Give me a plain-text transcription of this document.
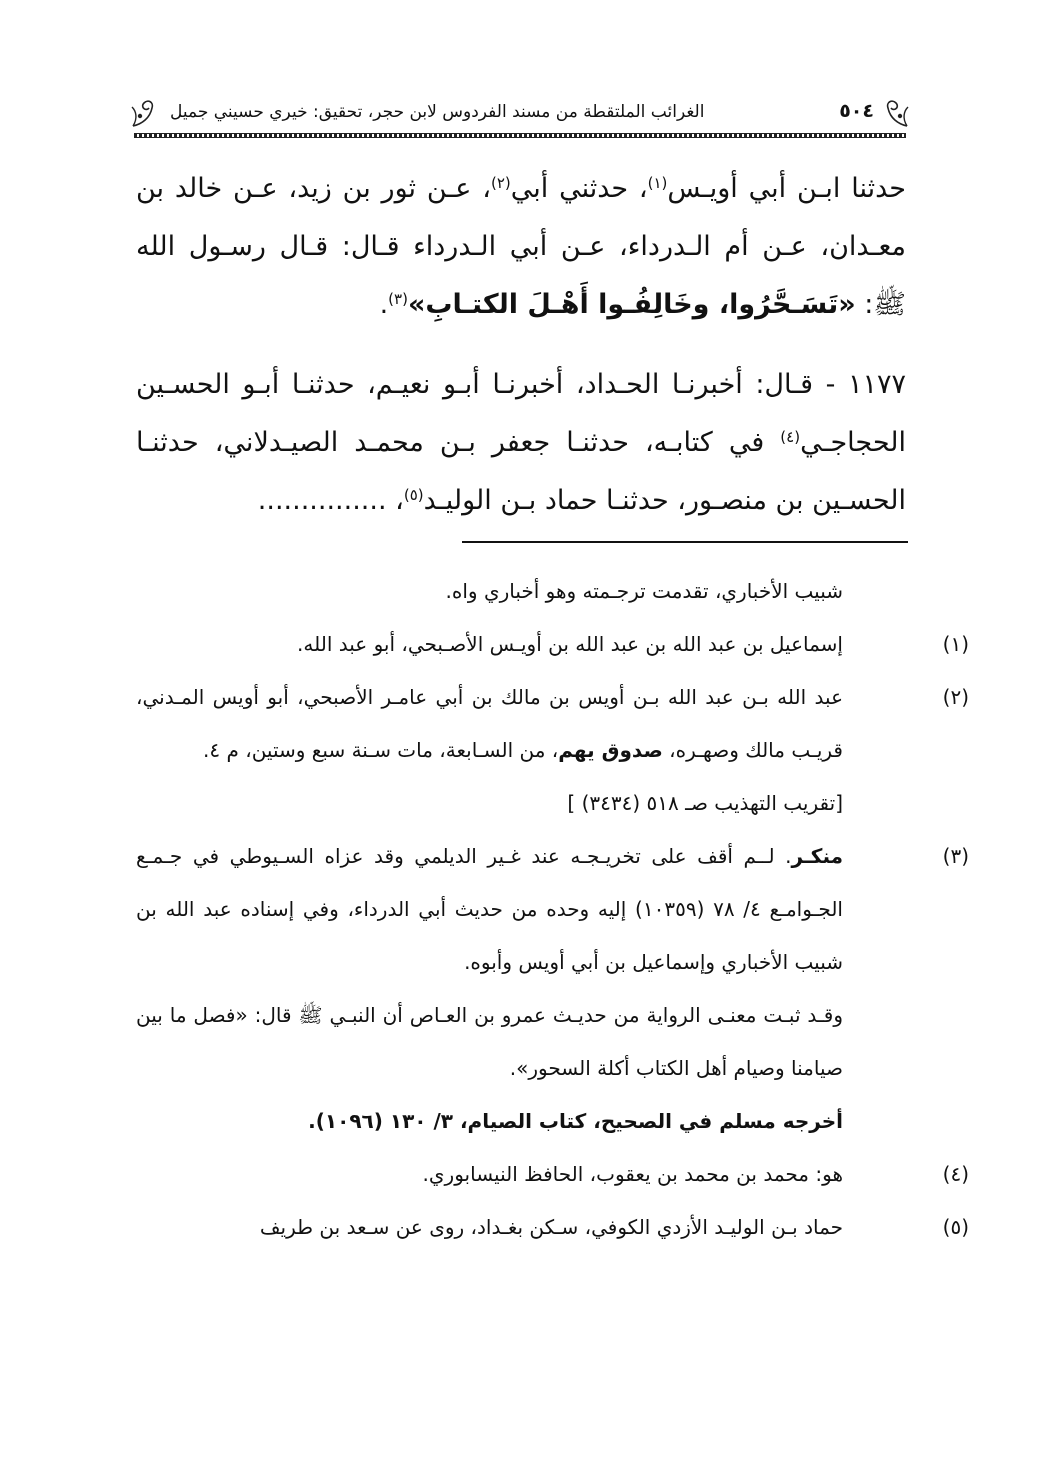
٥٠٤
الغرائب الملتقطة من مسند الفردوس لابن حجر، تحقيق: خيري حسيني جميل

حدثنا ابـن أبي أويـس$^{(١)}$، حدثني أبي$^{(٢)}$، عـن ثور بن زيد، عـن خالد بن معـدان، عـن أم الـدرداء، عـن أبي الـدرداء قـال: قـال رسـول الله ﷺ: «تَسَـحَّرُوا، وخَالِفُـوا أَهْـلَ الكتـابِ»$^{(٣)}$.

١١٧٧ - قـال: أخبرنـا الحـداد، أخبرنـا أبـو نعيـم، حدثنـا أبـو الحسـين الحجاجـي$^{(٤)}$ في كتابـه، حدثنـا جعفر بـن محمـد الصيـدلاني، حدثنـا الحسـين بن منصـور، حدثنـا حماد بـن الوليـد$^{(٥)}$، ...............

شبيب الأخباري، تقدمت ترجـمته وهو أخباري واه.

(١)إسماعيل بن عبد الله بن عبد الله بن أويـس الأصـبحي، أبو عبد الله.

(٢)عبد الله بـن عبد الله بـن أويس بن مالك بن أبي عامـر الأصبحي، أبو أويس المـدني، قريـب مالك وصهـره، صدوق يهم، من السـابعة، مات سـنة سبع وستين، م ٤.

[تقريب التهذيب صـ ٥١٨ (٣٤٣٤) ]

(٣)منكـر. لــم أقف على تخريـجـه عند غـير الديلمي وقد عزاه السـيوطي في جـمـع الجـوامـع ٤/ ٧٨ (١٠٣٥٩) إليه وحده من حديث أبي الدرداء، وفي إسناده عبد الله بن شبيب الأخباري وإسماعيل بن أبي أويس وأبوه.

وقـد ثبـت معنـى الرواية من حديـث عمرو بن العـاص أن النبـي ﷺ قال: «فصل ما بين صيامنا وصيام أهل الكتاب أكلة السحور».

أخرجه مسلم في الصحيح، كتاب الصيام، ٣/ ١٣٠ (١٠٩٦).

(٤)هو: محمد بن محمد بن يعقوب، الحافظ النيسابوري.

(٥)حماد بـن الوليـد الأزدي الكوفي، سـكن بغـداد، روى عن سـعد بن طريف
